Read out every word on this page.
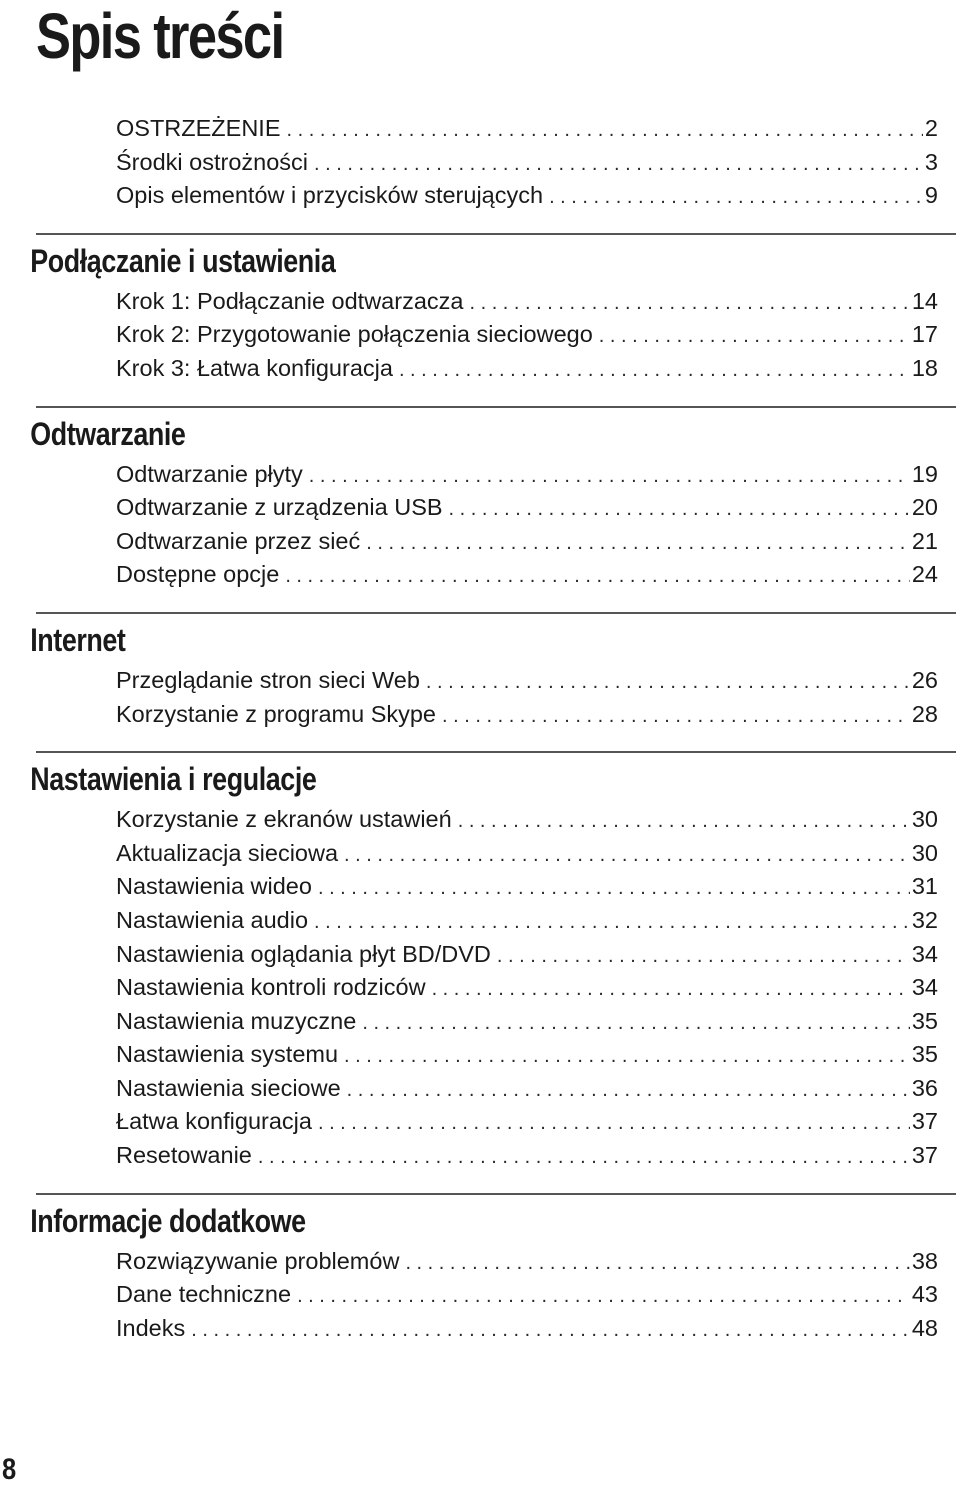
Spis treści
OSTRZEŻENIE . . .	2
Środki ostrożności . . .	3
Opis elementów i przycisków sterujących . . .	9
Podłączanie i ustawienia
Krok 1: Podłączanie odtwarzacza . . .	14
Krok 2: Przygotowanie połączenia sieciowego . . .	17
Krok 3: Łatwa konfiguracja . . .	18
Odtwarzanie
Odtwarzanie płyty . . .	19
Odtwarzanie z urządzenia USB . . .	20
Odtwarzanie przez sieć . . .	21
Dostępne opcje . . .	24
Internet
Przeglądanie stron sieci Web . . .	26
Korzystanie z programu Skype . . .	28
Nastawienia i regulacje
Korzystanie z ekranów ustawień . . .	30
Aktualizacja sieciowa . . .	30
Nastawienia wideo . . .	31
Nastawienia audio . . .	32
Nastawienia oglądania płyt BD/DVD . . .	34
Nastawienia kontroli rodziców . . .	34
Nastawienia muzyczne . . .	35
Nastawienia systemu . . .	35
Nastawienia sieciowe . . .	36
Łatwa konfiguracja . . .	37
Resetowanie . . .	37
Informacje dodatkowe
Rozwiązywanie problemów . . .	38
Dane techniczne . . .	43
Indeks . . .	48
8
